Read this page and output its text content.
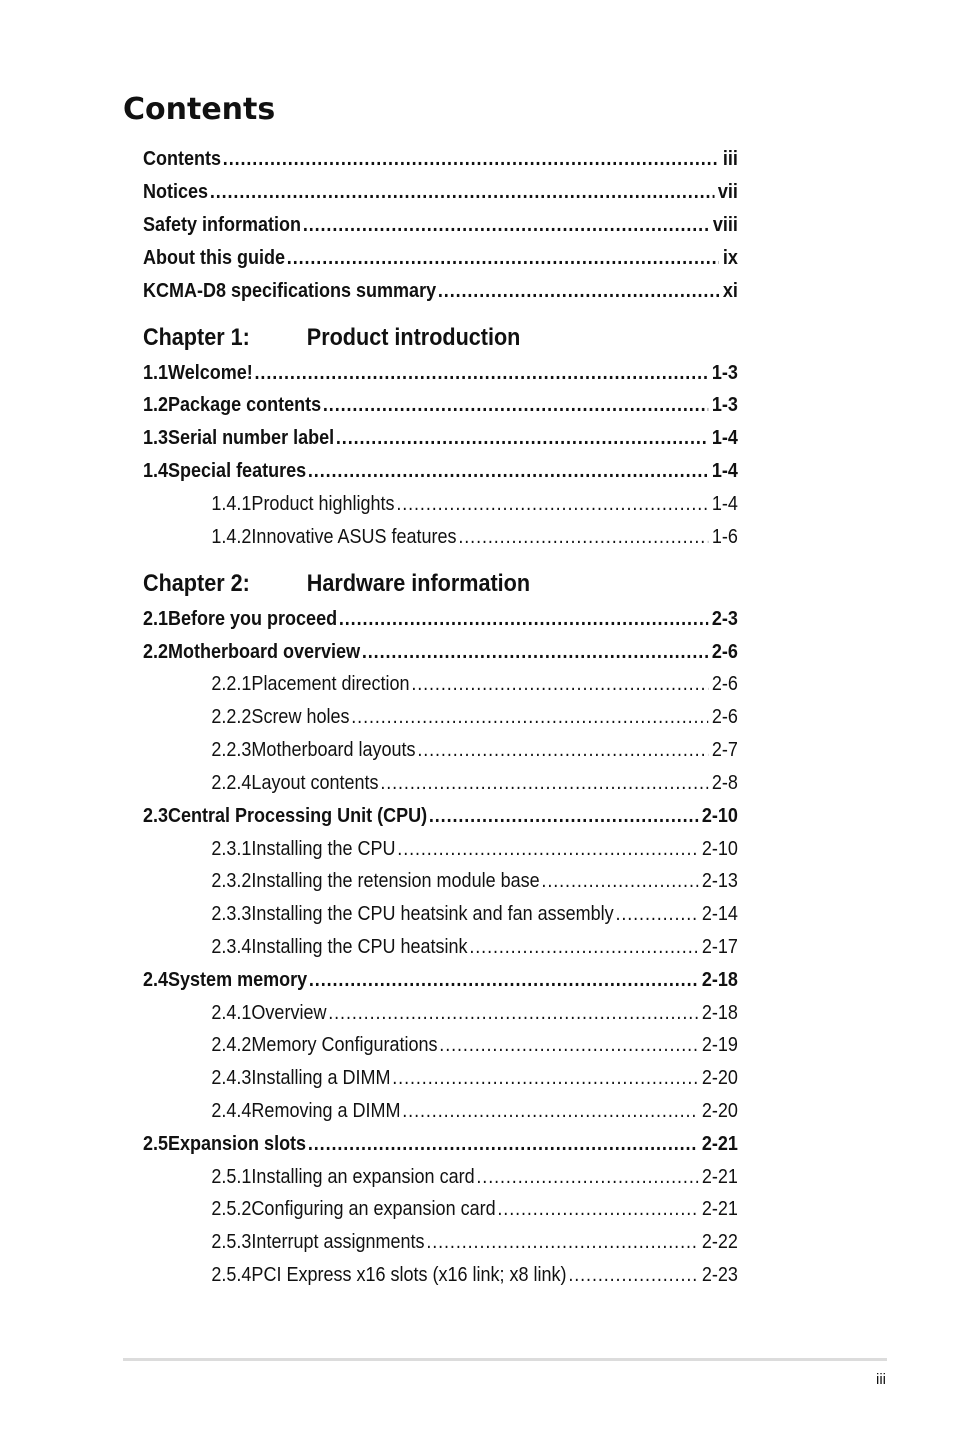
Contents
Contents .....	iii
Notices .....	vii
Safety information .....	viii
About this guide .....	ix
KCMA-D8 specifications summary .....	xi
Chapter 1: Product introduction
1.1 Welcome! .....	1-3
1.2 Package contents .....	1-3
1.3 Serial number label .....	1-4
1.4 Special features .....	1-4
1.4.1 Product highlights .....	1-4
1.4.2 Innovative ASUS features .....	1-6
Chapter 2: Hardware information
2.1 Before you proceed .....	2-3
2.2 Motherboard overview .....	2-6
2.2.1 Placement direction .....	2-6
2.2.2 Screw holes .....	2-6
2.2.3 Motherboard layouts .....	2-7
2.2.4 Layout contents .....	2-8
2.3 Central Processing Unit (CPU) .....	2-10
2.3.1 Installing the CPU .....	2-10
2.3.2 Installing the retension module base .....	2-13
2.3.3 Installing the CPU heatsink and fan assembly .....	2-14
2.3.4 Installing the CPU heatsink .....	2-17
2.4 System memory .....	2-18
2.4.1 Overview .....	2-18
2.4.2 Memory Configurations .....	2-19
2.4.3 Installing a DIMM .....	2-20
2.4.4 Removing a DIMM .....	2-20
2.5 Expansion slots .....	2-21
2.5.1 Installing an expansion card .....	2-21
2.5.2 Configuring an expansion card .....	2-21
2.5.3 Interrupt assignments .....	2-22
2.5.4 PCI Express x16 slots (x16 link; x8 link) .....	2-23
iii
